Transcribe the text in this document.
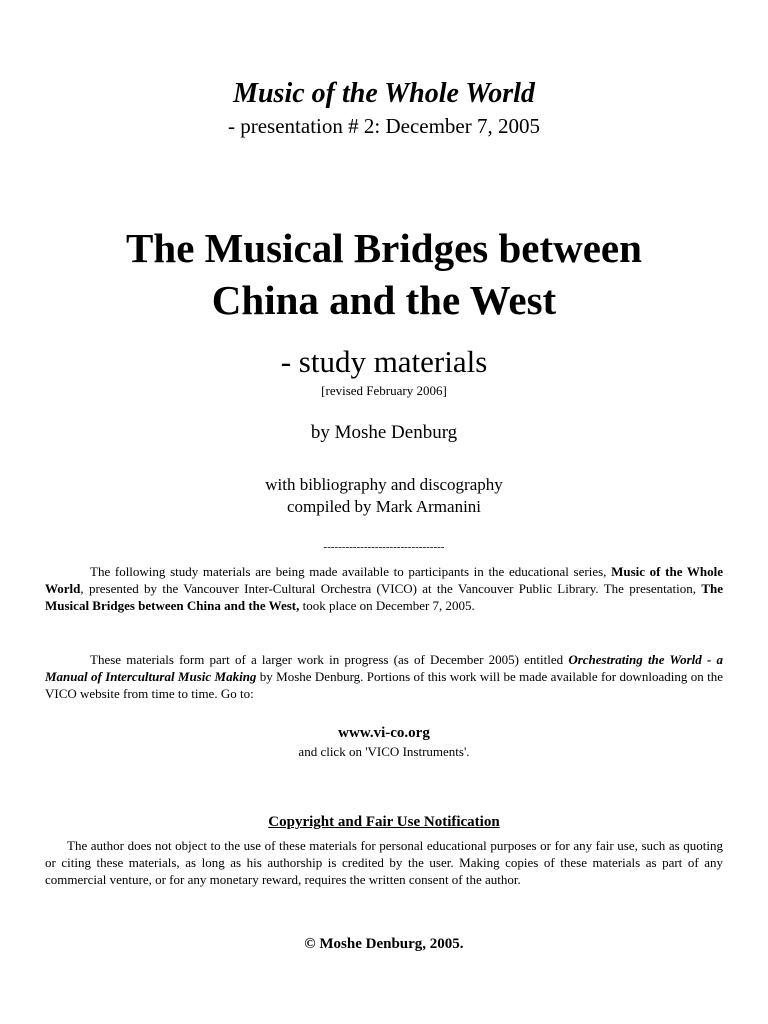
Music of the Whole World
- presentation # 2: December 7, 2005
The Musical Bridges between
China and the West
- study materials
[revised February 2006]
by Moshe Denburg
with bibliography and discography
compiled by Mark Armanini
---------------------------------
The following study materials are being made available to participants in the educational series, Music of the Whole World, presented by the Vancouver Inter-Cultural Orchestra (VICO) at the Vancouver Public Library. The presentation, The Musical Bridges between China and the West, took place on December 7, 2005.
These materials form part of a larger work in progress (as of December 2005) entitled Orchestrating the World - a Manual of Intercultural Music Making by Moshe Denburg. Portions of this work will be made available for downloading on the VICO website from time to time. Go to:
www.vi-co.org
and click on 'VICO Instruments'.
Copyright and Fair Use Notification
The author does not object to the use of these materials for personal educational purposes or for any fair use, such as quoting or citing these materials, as long as his authorship is credited by the user. Making copies of these materials as part of any commercial venture, or for any monetary reward, requires the written consent of the author.
© Moshe Denburg, 2005.
